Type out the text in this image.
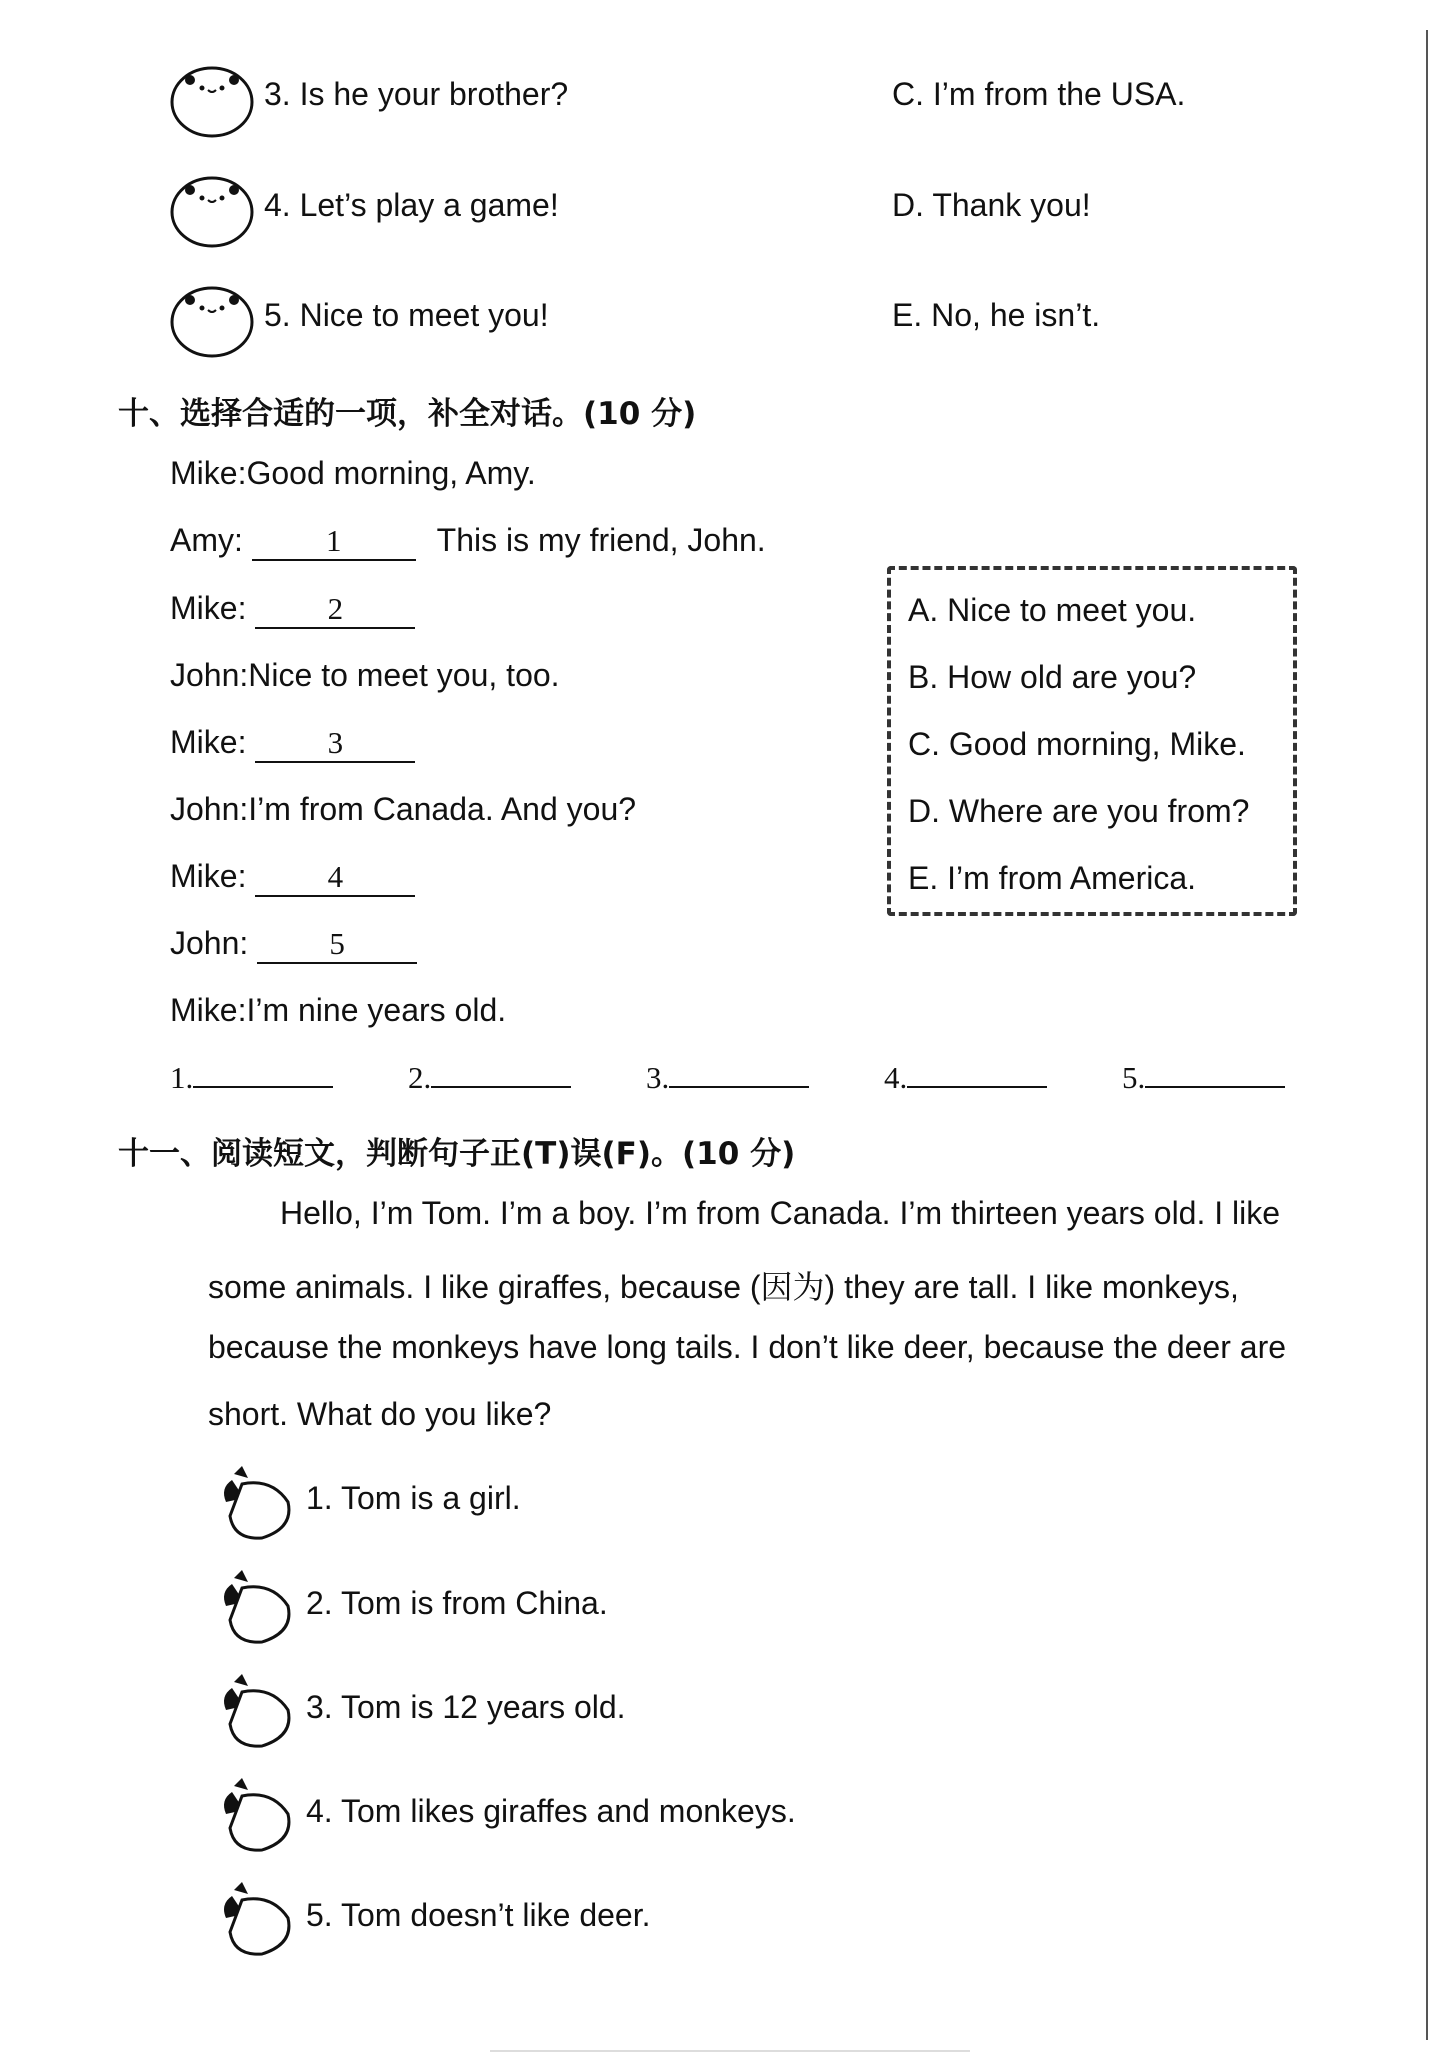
3. Is he your brother?	C. I’m from the USA.
4. Let’s play a game!	D. Thank you!
5. Nice to meet you!	E. No, he isn’t.
十、选择合适的一项，补全对话。(10 分)
Mike:Good morning, Amy.
Amy:	1	This is my friend, John.
Mike:	2
John:Nice to meet you, too.
Mike:	3
John:I’m from Canada. And you?
Mike:	4
John:	5
Mike:I’m nine years old.
A. Nice to meet you.
B. How old are you?
C. Good morning, Mike.
D. Where are you from?
E. I’m from America.
1.	2.	3.	4.	5.
十一、阅读短文，判断句子正(T)误(F)。(10 分)
Hello, I’m Tom. I’m a boy. I’m from Canada. I’m thirteen years old. I like
some animals. I like giraffes, because (因为) they are tall. I like monkeys,
because the monkeys have long tails. I don’t like deer, because the deer are
short. What do you like?
1. Tom is a girl.
2. Tom is from China.
3. Tom is 12 years old.
4. Tom likes giraffes and monkeys.
5. Tom doesn’t like deer.
